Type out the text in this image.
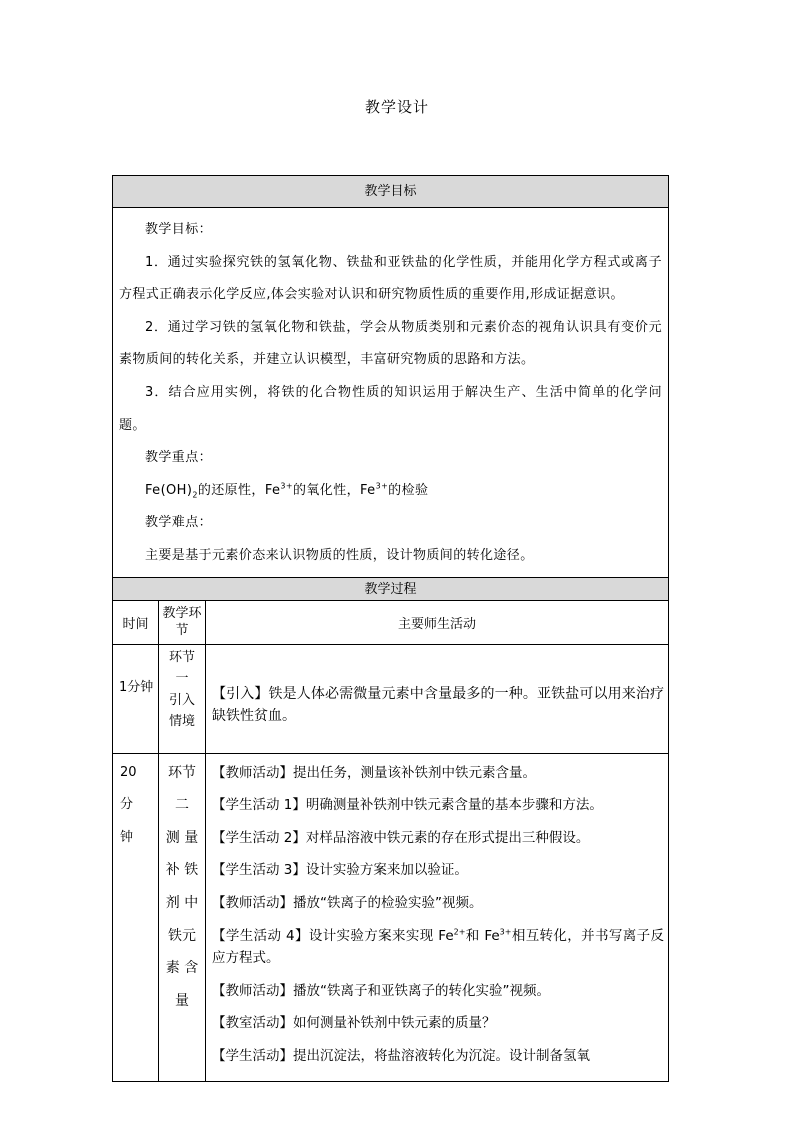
教学设计
教学目标

教学目标：

1．通过实验探究铁的氢氧化物、铁盐和亚铁盐的化学性质，并能用化学方程式或离子方程式正确表示化学反应,体会实验对认识和研究物质性质的重要作用,形成证据意识。

2．通过学习铁的氢氧化物和铁盐，学会从物质类别和元素价态的视角认识具有变价元素物质间的转化关系，并建立认识模型，丰富研究物质的思路和方法。

3．结合应用实例，将铁的化合物性质的知识运用于解决生产、生活中简单的化学问题。

教学重点：

$Fe(OH)_2$的还原性，$Fe^{3+}$的氧化性，$Fe^{3+}$的检验

教学难点：

主要是基于元素价态来认识物质的性质，设计物质间的转化途径。

教学过程
时间
教学环节	主要师生活动
1分钟
环节
一
引入
情境
【引入】铁是人体必需微量元素中含量最多的一种。亚铁盐可以用来治疗缺铁性贫血。
20
分
钟
环节
二
测 量
补 铁
剂 中
铁元
素 含
量

【教师活动】提出任务，测量该补铁剂中铁元素含量。

【学生活动 1】明确测量补铁剂中铁元素含量的基本步骤和方法。

【学生活动 2】对样品溶液中铁元素的存在形式提出三种假设。

【学生活动 3】设计实验方案来加以验证。

【教师活动】播放“铁离子的检验实验”视频。

【学生活动 4】设计实验方案来实现 $Fe^{2+}$和 $Fe^{3+}$相互转化，并书写离子反应方程式。

【教师活动】播放“铁离子和亚铁离子的转化实验”视频。

【教室活动】如何测量补铁剂中铁元素的质量？

【学生活动】提出沉淀法，将盐溶液转化为沉淀。设计制备氢氧
